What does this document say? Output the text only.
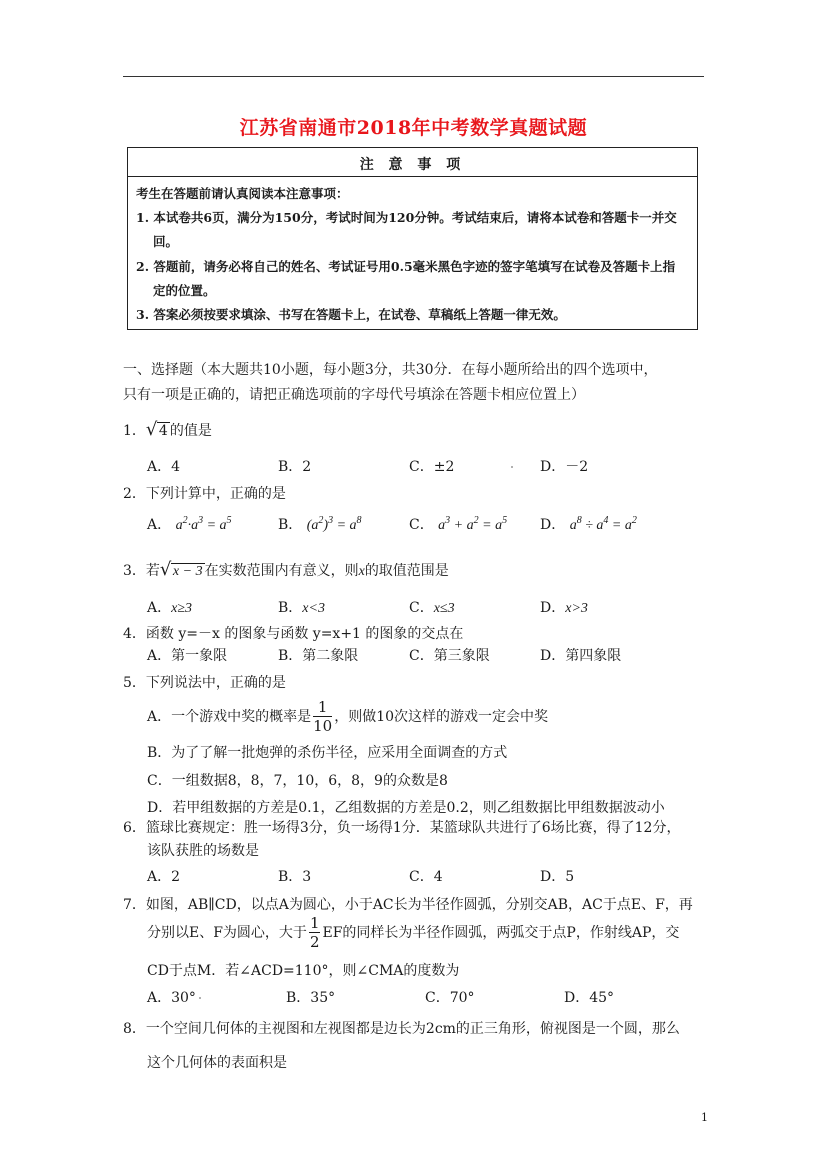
江苏省南通市2018年中考数学真题试题
注 意 事 项
考生在答题前请认真阅读本注意事项：
1. 本试卷共6页，满分为150分，考试时间为120分钟。考试结束后，请将本试卷和答题卡一并交
回。
2. 答题前，请务必将自己的姓名、考试证号用0.5毫米黑色字迹的签字笔填写在试卷及答题卡上指
定的位置。
3. 答案必须按要求填涂、书写在答题卡上，在试卷、草稿纸上答题一律无效。
一、选择题（本大题共10小题，每小题3分，共30分．在每小题所给出的四个选项中，
只有一项是正确的，请把正确选项前的字母代号填涂在答题卡相应位置上）
1． √ 4 的值是
A．4	B．2	C．±2	D．－2
2．下列计算中，正确的是
A． $a^2\cdot a^3 = a^5$	B． $(a^2)^3 = a^8$	C． $a^3 + a^2 = a^5$ D． $a^8 \div a^4 = a^2$
3．若 √ x − 3 在实数范围内有意义，则x的取值范围是
A．x≥3	B．x<3	C．x≤3	D．x>3
4．函数 y=－x 的图象与函数 y=x+1 的图象的交点在
A．第一象限	B．第二象限	C．第三象限	D．第四象限
5．下列说法中，正确的是
A．一个游戏中奖的概率是 $\frac{1}{10}$ ，则做10次这样的游戏一定会中奖
B．为了了解一批炮弹的杀伤半径，应采用全面调查的方式
C．一组数据8，8，7，10，6，8，9的众数是8
D．若甲组数据的方差是0.1，乙组数据的方差是0.2，则乙组数据比甲组数据波动小
6．篮球比赛规定：胜一场得3分，负一场得1分．某篮球队共进行了6场比赛，得了12分，
该队获胜的场数是
A．2	B．3	C．4	D．5
7．如图，AB∥CD，以点A为圆心，小于AC长为半径作圆弧，分别交AB，AC于点E、F，再
分别以E、F为圆心，大于 $\frac{1}{2}$ EF的同样长为半径作圆弧，两弧交于点P，作射线AP，交
CD于点M．若∠ACD=110°，则∠CMA的度数为
A．30°	B．35°	C．70°	D．45°
8．一个空间几何体的主视图和左视图都是边长为2cm的正三角形，俯视图是一个圆，那么
这个几何体的表面积是
1
